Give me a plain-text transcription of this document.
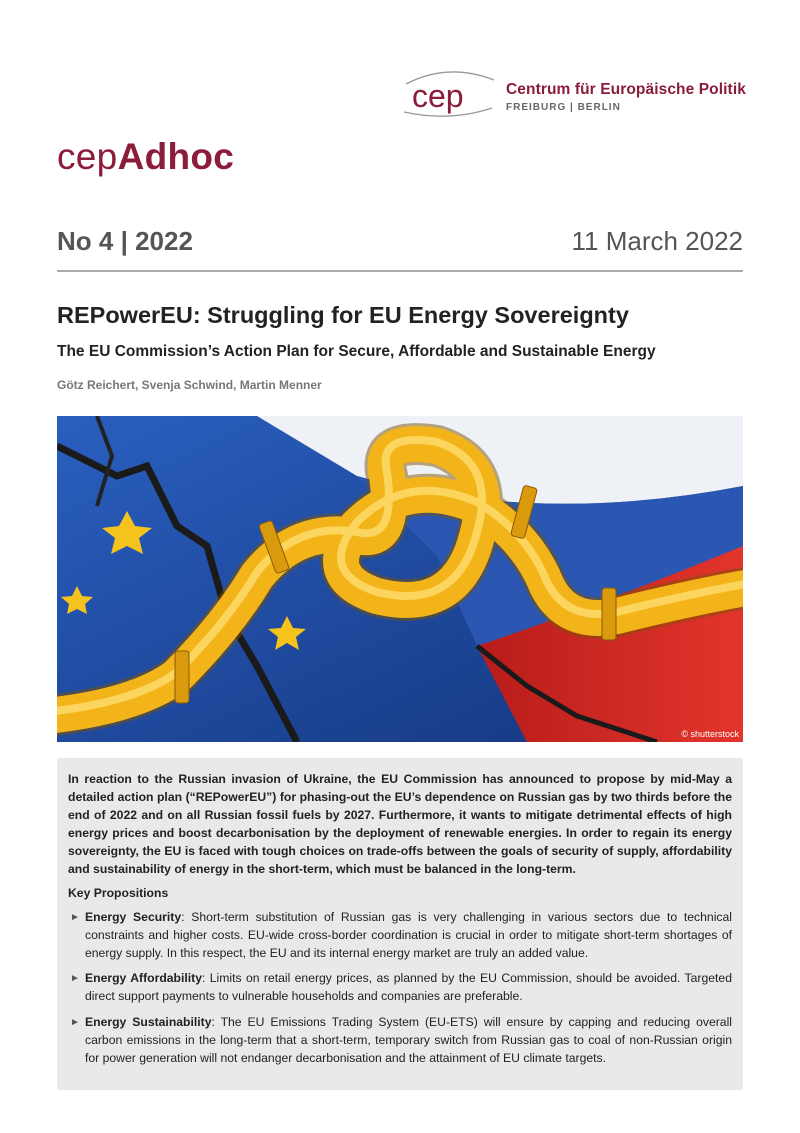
cep	Centrum für Europäische Politik
FREIBURG | BERLIN
cepAdhoc
No 4 | 2022	11 March 2022
REPowerEU: Struggling for EU Energy Sovereignty
The EU Commission’s Action Plan for Secure, Affordable and Sustainable Energy
Götz Reichert, Svenja Schwind, Martin Menner
© shutterstock

In reaction to the Russian invasion of Ukraine, the EU Commission has announced to propose by mid-May a detailed action plan (“REPowerEU”) for phasing-out the EU’s dependence on Russian gas by two thirds before the end of 2022 and on all Russian fossil fuels by 2027. Furthermore, it wants to mitigate detrimental effects of high energy prices and boost decarbonisation by the deployment of renewable energies. In order to regain its energy sovereignty, the EU is faced with tough choices on trade-offs between the goals of security of supply, affordability and sustainability of energy in the short-term, which must be balanced in the long-term.

Key Propositions
► Energy Security: Short-term substitution of Russian gas is very challenging in various sectors due to technical constraints and higher costs. EU-wide cross-border coordination is crucial in order to mitigate short-term shortages of energy supply. In this respect, the EU and its internal energy market are truly an added value.
► Energy Affordability: Limits on retail energy prices, as planned by the EU Commission, should be avoided. Targeted direct support payments to vulnerable households and companies are preferable.
► Energy Sustainability: The EU Emissions Trading System (EU-ETS) will ensure by capping and reducing overall carbon emissions in the long-term that a short-term, temporary switch from Russian gas to coal of non-Russian origin for power generation will not endanger decarbonisation and the attainment of EU climate targets.
